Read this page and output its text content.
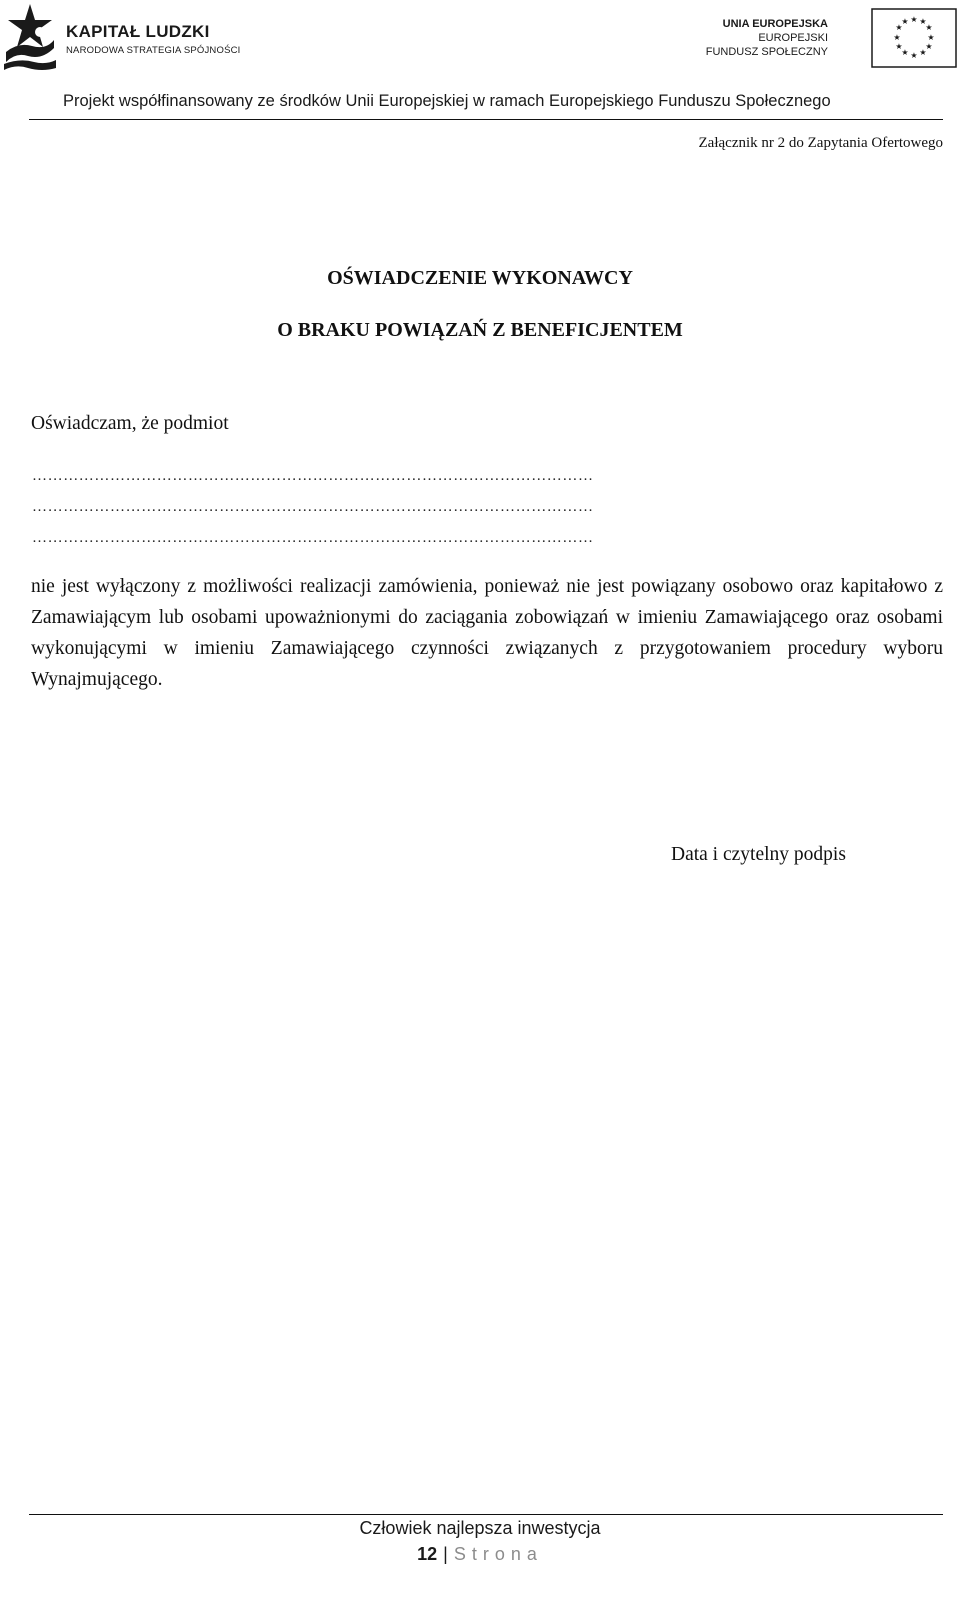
KAPITAŁ LUDZKI
NARODOWA STRATEGIA SPÓJNOŚCI
UNIA EUROPEJSKA
EUROPEJSKI
FUNDUSZ SPOŁECZNY
★ ★
★
★
★
★
★
★
★
★
★
★
Projekt współfinansowany ze środków Unii Europejskiej w ramach Europejskiego Funduszu Społecznego
Załącznik nr 2 do Zapytania Ofertowego
OŚWIADCZENIE WYKONAWCY
O BRAKU POWIĄZAŃ Z BENEFICJENTEM
Oświadczam, że podmiot
………………………………………………………………………………………………
………………………………………………………………………………………………
………………………………………………………………………………………………
nie jest wyłączony z możliwości realizacji zamówienia, ponieważ nie jest powiązany osobowo oraz kapitałowo z Zamawiającym lub osobami upoważnionymi do zaciągania zobowiązań w imieniu Zamawiającego oraz osobami wykonującymi w imieniu Zamawiającego czynności związanych z przygotowaniem procedury wyboru Wynajmującego.
Data i czytelny podpis
Człowiek najlepsza inwestycja
12 | Strona
